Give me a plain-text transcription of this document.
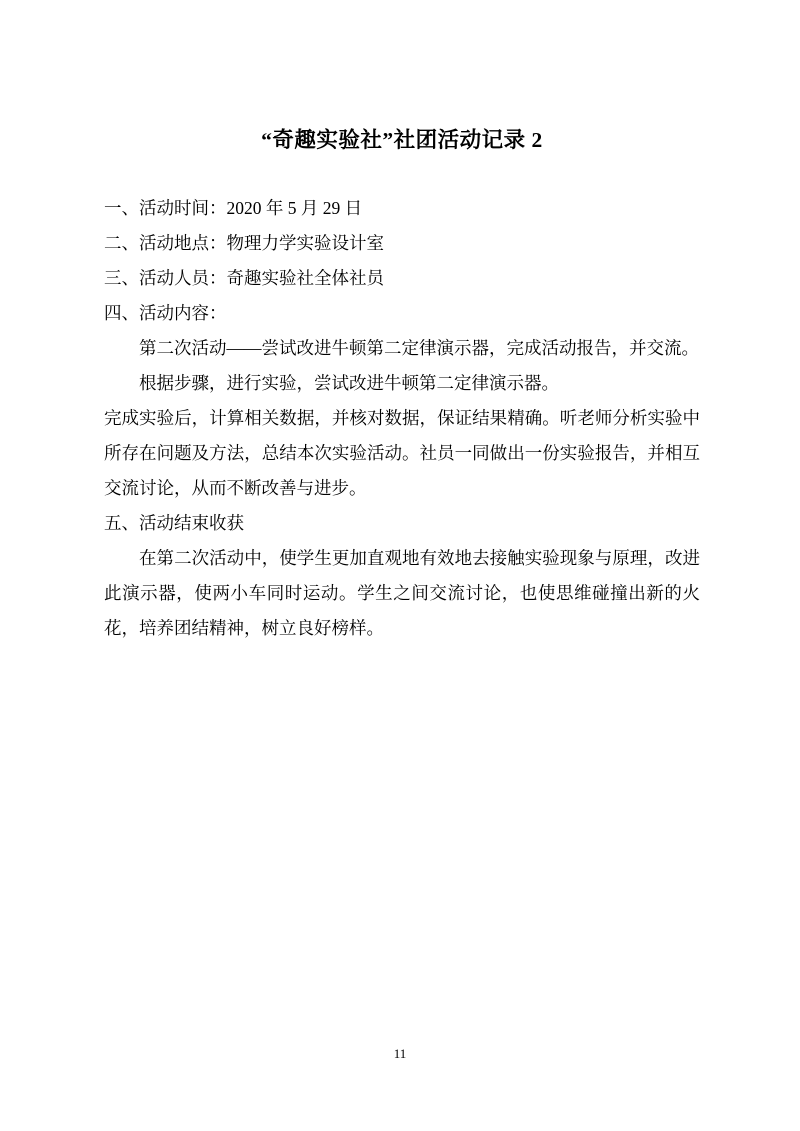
“奇趣实验社”社团活动记录 2

一、活动时间：2020 年 5 月 29 日

二、活动地点：物理力学实验设计室

三、活动人员：奇趣实验社全体社员

四、活动内容：

第二次活动——尝试改进牛顿第二定律演示器，完成活动报告，并交流。

根据步骤，进行实验，尝试改进牛顿第二定律演示器。

完成实验后，计算相关数据，并核对数据，保证结果精确。听老师分析实验中所存在问题及方法，总结本次实验活动。社员一同做出一份实验报告，并相互交流讨论，从而不断改善与进步。

五、活动结束收获

在第二次活动中，使学生更加直观地有效地去接触实验现象与原理，改进此演示器，使两小车同时运动。学生之间交流讨论，也使思维碰撞出新的火花，培养团结精神，树立良好榜样。

11
